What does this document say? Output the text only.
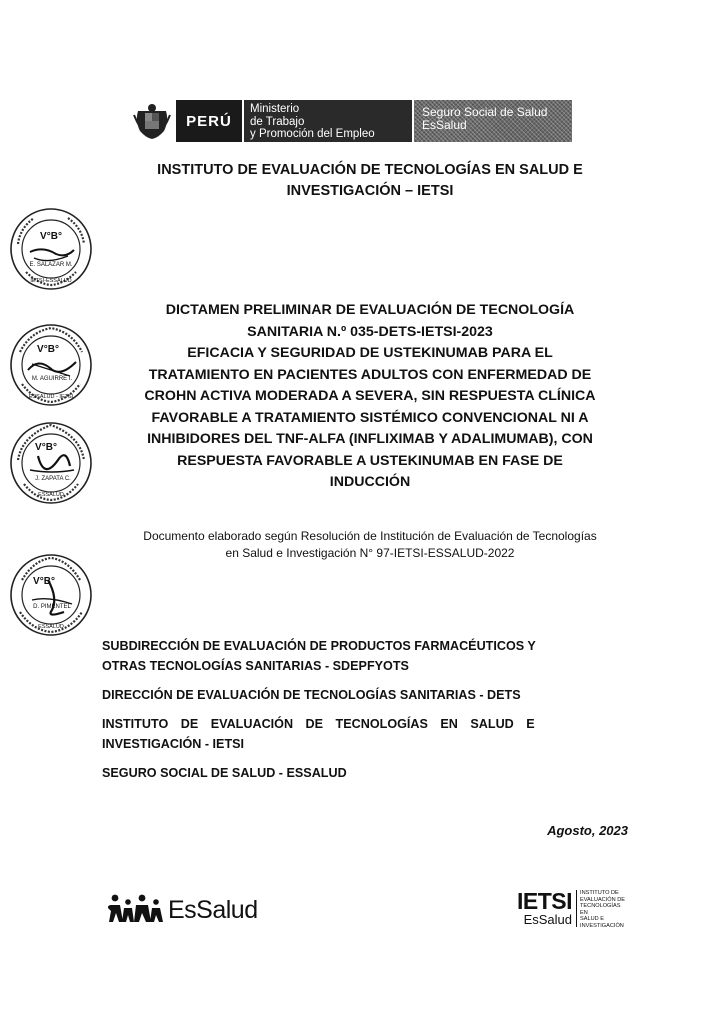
PERÚ
Ministerio
de Trabajo
y Promoción del Empleo
Seguro Social de Salud
EsSalud
INSTITUTO DE EVALUACIÓN DE TECNOLOGÍAS EN SALUD E
INVESTIGACIÓN – IETSI
DICTAMEN PRELIMINAR DE EVALUACIÓN DE TECNOLOGÍA
SANITARIA N.º 035-DETS-IETSI-2023
EFICACIA Y SEGURIDAD DE USTEKINUMAB PARA EL
TRATAMIENTO EN PACIENTES ADULTOS CON ENFERMEDAD DE
CROHN ACTIVA MODERADA A SEVERA, SIN RESPUESTA CLÍNICA
FAVORABLE A TRATAMIENTO SISTÉMICO CONVENCIONAL NI A
INHIBIDORES DEL TNF-ALFA (INFLIXIMAB Y ADALIMUMAB), CON
RESPUESTA FAVORABLE A USTEKINUMAB EN FASE DE
INDUCCIÓN
Documento elaborado según Resolución de Institución de Evaluación de Tecnologías
en Salud e Investigación N° 97-IETSI-ESSALUD-2022

SUBDIRECCIÓN DE EVALUACIÓN DE PRODUCTOS FARMACÉUTICOS Y
OTRAS TECNOLOGÍAS SANITARIAS - SDEPFYOTS

DIRECCIÓN DE EVALUACIÓN DE TECNOLOGÍAS SANITARIAS - DETS

INSTITUTO DE EVALUACIÓN DE TECNOLOGÍAS EN SALUD E
INVESTIGACIÓN - IETSI

SEGURO SOCIAL DE SALUD - ESSALUD

Agosto, 2023
V°B°
E. SALAZAR M.
IETSI-ESSALUD
V°B°
M. AGUIRRE I.
ESSALUD - IETSI
V°B°
J. ZAPATA C.
ESSALUD
V°B°
D. PIMENTEL
ESSALUD
EsSalud	IETSI
EsSalud
INSTITUTO DE
EVALUACIÓN DE
TECNOLOGÍAS EN
SALUD E
INVESTIGACIÓN
